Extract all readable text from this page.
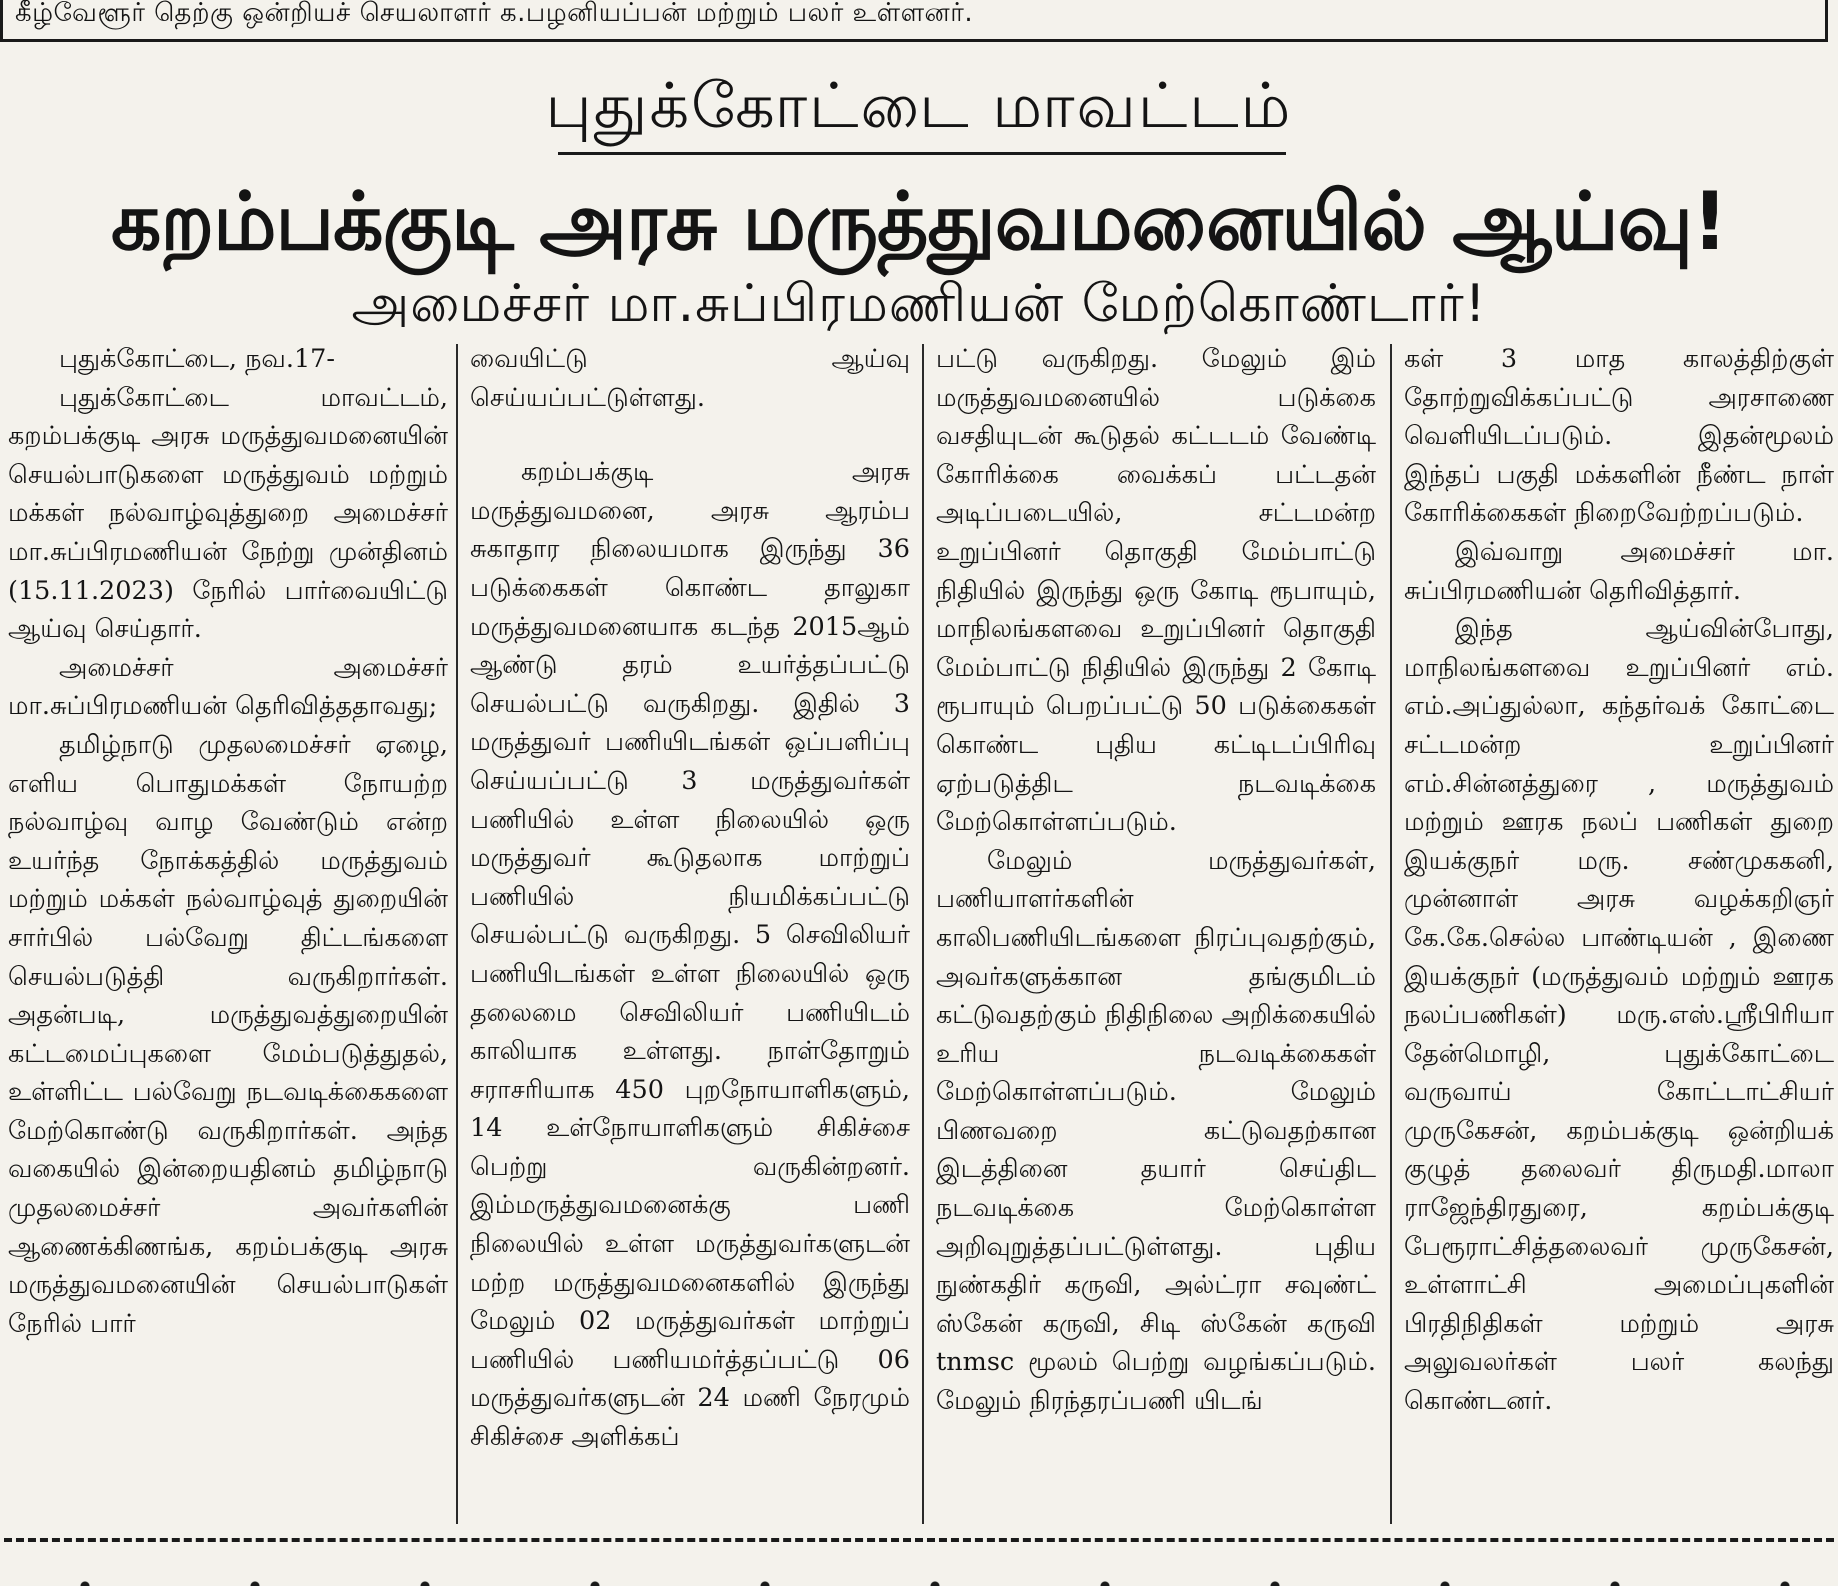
கீழ்வேளூர் தெற்கு ஒன்றியச் செயலாளர் க.பழனியப்பன் மற்றும் பலர் உள்ளனர்.
புதுக்கோட்டை மாவட்டம்
கறம்பக்குடி அரசு மருத்துவமனையில் ஆய்வு!
அமைச்சர் மா.சுப்பிரமணியன் மேற்கொண்டார்!

புதுக்கோட்டை, நவ.17-

புதுக்கோட்டை மாவட்டம், கறம்பக்குடி அரசு மருத்துவமனையின் செயல்பாடுகளை மருத்துவம் மற்றும் மக்கள் நல்வாழ்வுத்துறை அமைச்சர் மா.சுப்பிரமணியன் நேற்று முன்தினம் (15.11.2023) நேரில் பார்வையிட்டு ஆய்வு செய்தார்.

அமைச்சர் அமைச்சர் மா.சுப்பிரமணியன் தெரிவித்ததாவது;

தமிழ்நாடு முதலமைச்சர் ஏழை, எளிய பொதுமக்கள் நோயற்ற நல்வாழ்வு வாழ வேண்டும் என்ற உயர்ந்த நோக்கத்தில் மருத்துவம் மற்றும் மக்கள் நல்வாழ்வுத் துறையின் சார்பில் பல்வேறு திட்டங்களை செயல்படுத்தி வருகிறார்கள். அதன்படி, மருத்துவத்துறையின் கட்டமைப்புகளை மேம்படுத்துதல், உள்ளிட்ட பல்வேறு நடவடிக்கைகளை மேற்கொண்டு வருகிறார்கள். அந்த வகையில் இன்றையதினம் தமிழ்நாடு முதலமைச்சர் அவர்களின் ஆணைக்கிணங்க, கறம்பக்குடி அரசு மருத்துவமனையின் செயல்பாடுகள் நேரில் பார்

வையிட்டு ஆய்வு செய்யப்பட்டுள்ளது.

கறம்பக்குடி அரசு மருத்துவமனை, அரசு ஆரம்ப சுகாதார நிலையமாக இருந்து 36 படுக்கைகள் கொண்ட தாலுகா மருத்துவமனையாக கடந்த 2015ஆம் ஆண்டு தரம் உயர்த்தப்பட்டு செயல்பட்டு வருகிறது. இதில் 3 மருத்துவர் பணியிடங்கள் ஒப்பளிப்பு செய்யப்பட்டு 3 மருத்துவர்கள் பணியில் உள்ள நிலையில் ஒரு மருத்துவர் கூடுதலாக மாற்றுப் பணியில் நியமிக்கப்பட்டு செயல்பட்டு வருகிறது. 5 செவிலியர் பணியிடங்கள் உள்ள நிலையில் ஒரு தலைமை செவிலியர் பணியிடம் காலியாக உள்ளது. நாள்தோறும் சராசரியாக 450 புறநோயாளிகளும், 14 உள்நோயாளிகளும் சிகிச்சை பெற்று வருகின்றனர். இம்மருத்துவமனைக்கு பணி நிலையில் உள்ள மருத்துவர்களுடன் மற்ற மருத்துவமனைகளில் இருந்து மேலும் 02 மருத்துவர்கள் மாற்றுப் பணியில் பணியமர்த்தப்பட்டு 06 மருத்துவர்களுடன் 24 மணி நேரமும் சிகிச்சை அளிக்கப்

பட்டு வருகிறது. மேலும் இம் மருத்துவமனையில் படுக்கை வசதியுடன் கூடுதல் கட்டடம் வேண்டி கோரிக்கை வைக்கப் பட்டதன் அடிப்படையில், சட்டமன்ற உறுப்பினர் தொகுதி மேம்பாட்டு நிதியில் இருந்து ஒரு கோடி ரூபாயும், மாநிலங்களவை உறுப்பினர் தொகுதி மேம்பாட்டு நிதியில் இருந்து 2 கோடி ரூபாயும் பெறப்பட்டு 50 படுக்கைகள் கொண்ட புதிய கட்டிடப்பிரிவு ஏற்படுத்திட நடவடிக்கை மேற்கொள்ளப்படும்.

மேலும் மருத்துவர்கள், பணியாளர்களின் காலிபணியிடங்களை நிரப்புவதற்கும், அவர்களுக்கான தங்குமிடம் கட்டுவதற்கும் நிதிநிலை அறிக்கையில் உரிய நடவடிக்கைகள் மேற்கொள்ளப்படும். மேலும் பிணவறை கட்டுவதற்கான இடத்தினை தயார் செய்திட நடவடிக்கை மேற்கொள்ள அறிவுறுத்தப்பட்டுள்ளது. புதிய நுண்கதிர் கருவி, அல்ட்ரா சவுண்ட் ஸ்கேன் கருவி, சிடி ஸ்கேன் கருவி tnmsc மூலம் பெற்று வழங்கப்படும். மேலும் நிரந்தரப்பணி யிடங்

கள் 3 மாத காலத்திற்குள் தோற்றுவிக்கப்பட்டு அரசாணை வெளியிடப்படும். இதன்மூலம் இந்தப் பகுதி மக்களின் நீண்ட நாள் கோரிக்கைகள் நிறைவேற்றப்படும்.

இவ்வாறு அமைச்சர் மா. சுப்பிரமணியன் தெரிவித்தார்.

இந்த ஆய்வின்போது, மாநிலங்களவை உறுப்பினர் எம். எம்.அப்துல்லா, கந்தர்வக் கோட்டை சட்டமன்ற உறுப்பினர் எம்.சின்னத்துரை , மருத்துவம் மற்றும் ஊரக நலப் பணிகள் துறை இயக்குநர் மரு. சண்முககனி, முன்னாள் அரசு வழக்கறிஞர் கே.கே.செல்ல பாண்டியன் , இணை இயக்குநர் (மருத்துவம் மற்றும் ஊரக நலப்பணிகள்) மரு.எஸ்.ஸ்ரீபிரியா தேன்மொழி, புதுக்கோட்டை வருவாய் கோட்டாட்சியர் முருகேசன், கறம்பக்குடி ஒன்றியக் குழுத் தலைவர் திருமதி.மாலா ராஜேந்திரதுரை, கறம்பக்குடி பேரூராட்சித்தலைவர் முருகேசன், உள்ளாட்சி அமைப்புகளின் பிரதிநிதிகள் மற்றும் அரசு அலுவலர்கள் பலர் கலந்து கொண்டனர்.
